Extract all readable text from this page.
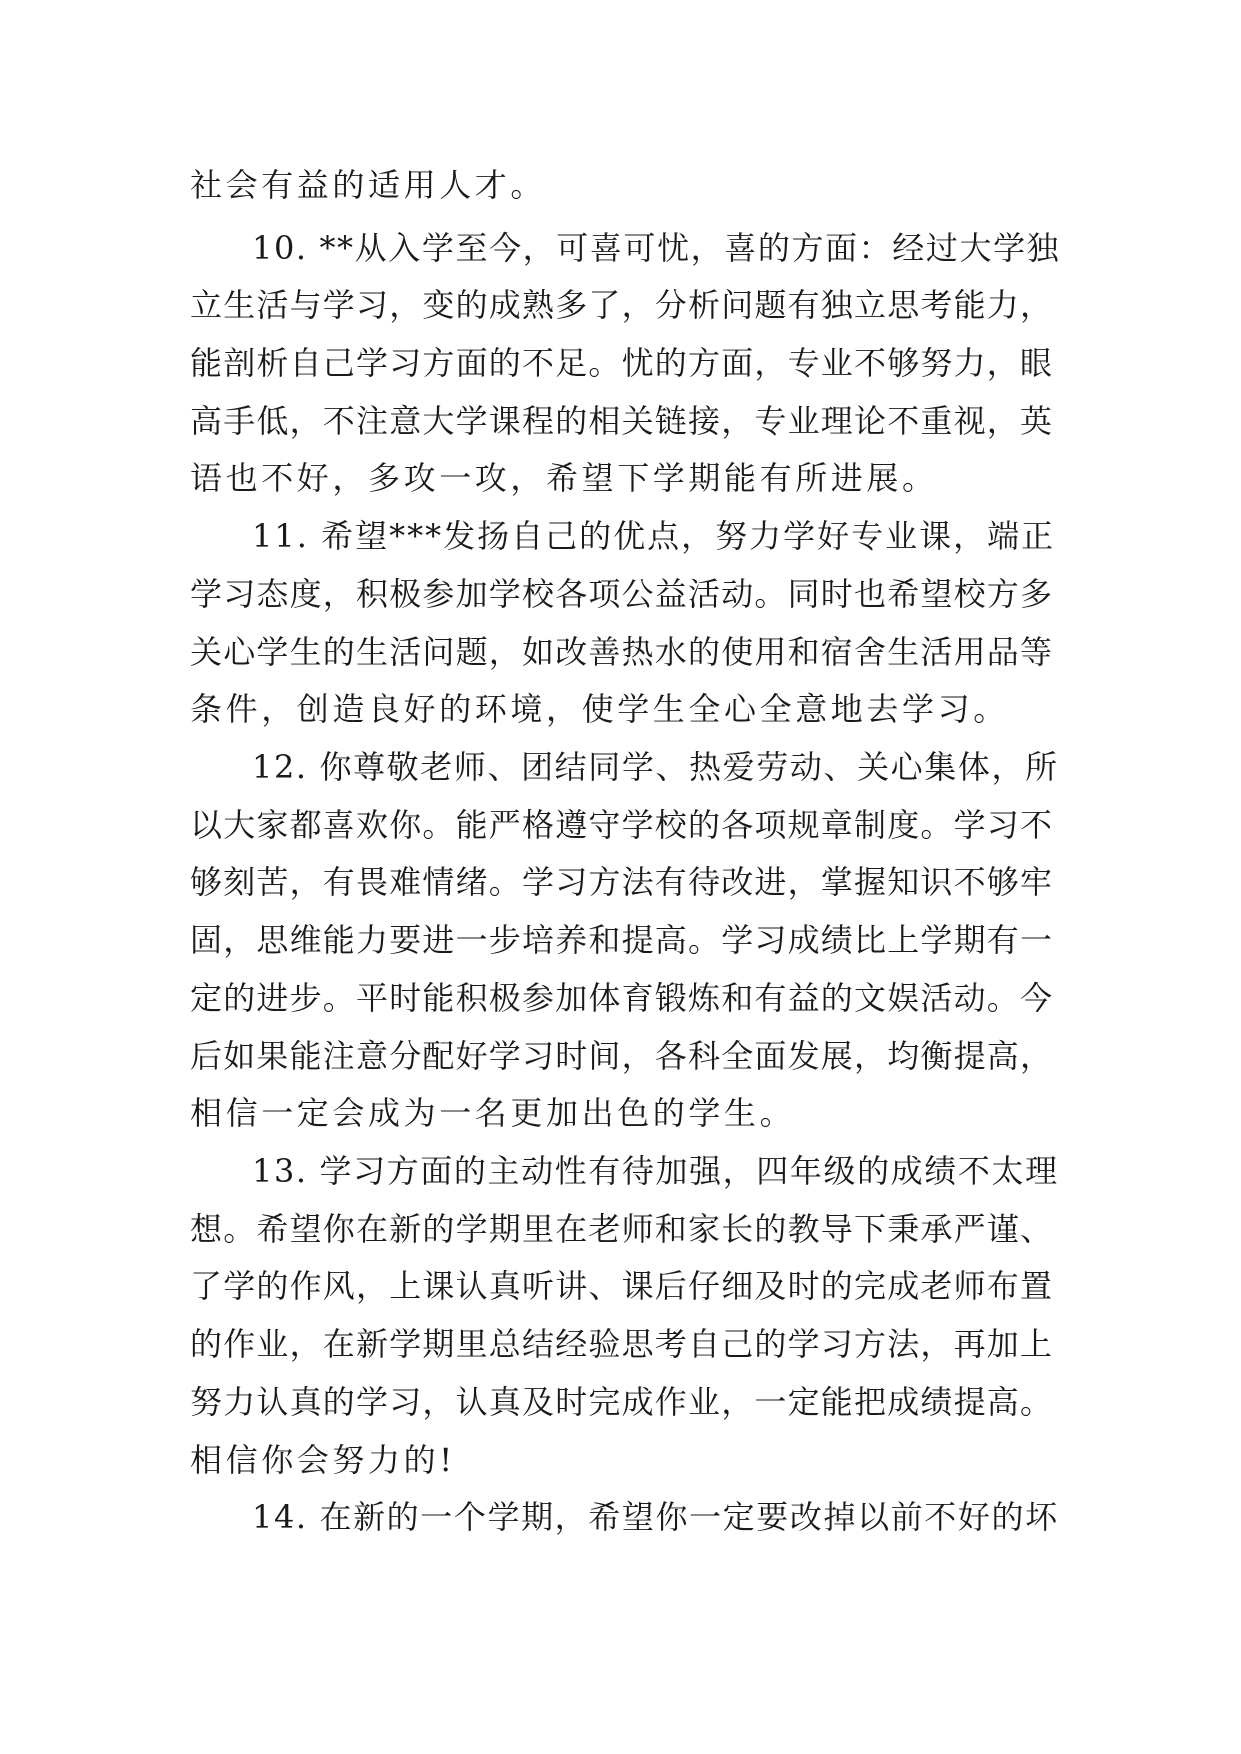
社会有益的适用人才。
10. **从入学至今，可喜可忧，喜的方面：经过大学独
立生活与学习，变的成熟多了，分析问题有独立思考能力，
能剖析自己学习方面的不足。忧的方面，专业不够努力，眼
高手低，不注意大学课程的相关链接，专业理论不重视，英
语也不好，多攻一攻，希望下学期能有所进展。
11. 希望***发扬自己的优点，努力学好专业课，端正
学习态度，积极参加学校各项公益活动。同时也希望校方多
关心学生的生活问题，如改善热水的使用和宿舍生活用品等
条件，创造良好的环境，使学生全心全意地去学习。
12. 你尊敬老师、团结同学、热爱劳动、关心集体，所
以大家都喜欢你。能严格遵守学校的各项规章制度。学习不
够刻苦，有畏难情绪。学习方法有待改进，掌握知识不够牢
固，思维能力要进一步培养和提高。学习成绩比上学期有一
定的进步。平时能积极参加体育锻炼和有益的文娱活动。今
后如果能注意分配好学习时间，各科全面发展，均衡提高，
相信一定会成为一名更加出色的学生。
13. 学习方面的主动性有待加强，四年级的成绩不太理
想。希望你在新的学期里在老师和家长的教导下秉承严谨、
了学的作风，上课认真听讲、课后仔细及时的完成老师布置
的作业，在新学期里总结经验思考自己的学习方法，再加上
努力认真的学习，认真及时完成作业，一定能把成绩提高。
相信你会努力的!
14. 在新的一个学期，希望你一定要改掉以前不好的坏
